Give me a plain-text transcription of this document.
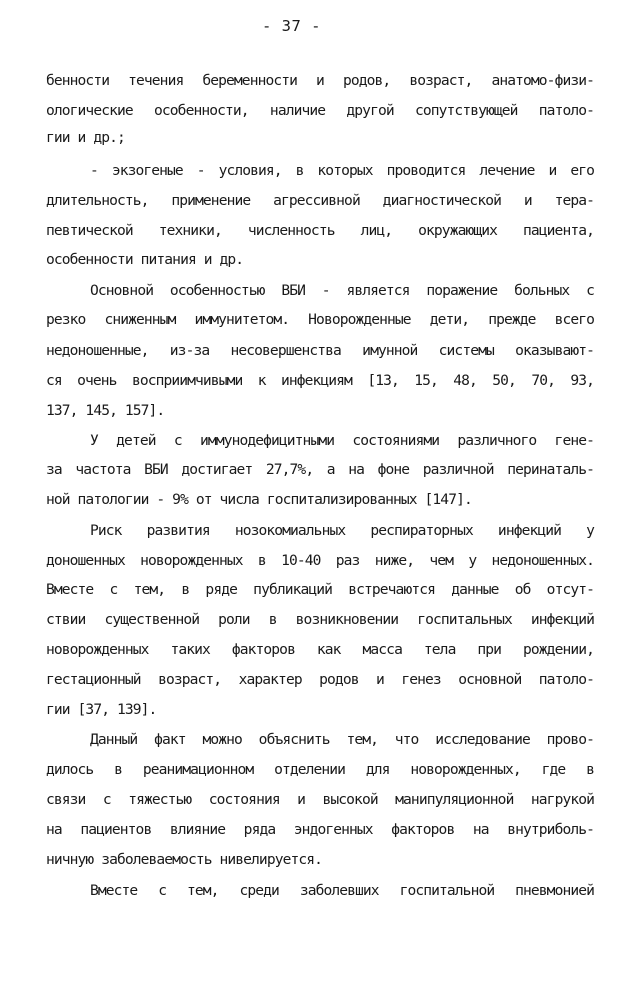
- 37 -
бенности течения беременности и родов, возраст, анатомо-физи-
ологические особенности, наличие другой сопутствующей патоло-
гии и др.;
- экзогеные - условия, в которых проводится лечение и его
длительность, применение агрессивной диагностической и тера-
певтической техники, численность лиц, окружающих пациента,
особенности питания и др.
Основной особенностью ВБИ - является поражение больных с
резко сниженным иммунитетом. Новорожденные дети, прежде всего
недоношенные, из-за несовершенства имунной системы оказывают-
ся очень восприимчивыми к инфекциям [13, 15, 48, 50, 70, 93,
137, 145, 157].
У детей с иммунодефицитными состояниями различного гене-
за частота ВБИ достигает 27,7%, а на фоне различной перинаталь-
ной патологии - 9% от числа госпитализированных [147].
Риск развития нозокомиальных респираторных инфекций у
доношенных новорожденных в 10-40 раз ниже, чем у недоношенных.
Вместе с тем, в ряде публикаций встречаются данные об отсут-
ствии существенной роли в возникновении госпитальных инфекций
новорожденных таких факторов как масса тела при рождении,
гестационный возраст, характер родов и генез основной патоло-
гии [37, 139].
Данный факт можно объяснить тем, что исследование прово-
дилось в реанимационном отделении для новорожденных, где в
связи с тяжестью состояния и высокой манипуляционной нагрукой
на пациентов влияние ряда эндогенных факторов на внутриболь-
ничную заболеваемость нивелируется.
Вместе с тем, среди заболевших госпитальной пневмонией
